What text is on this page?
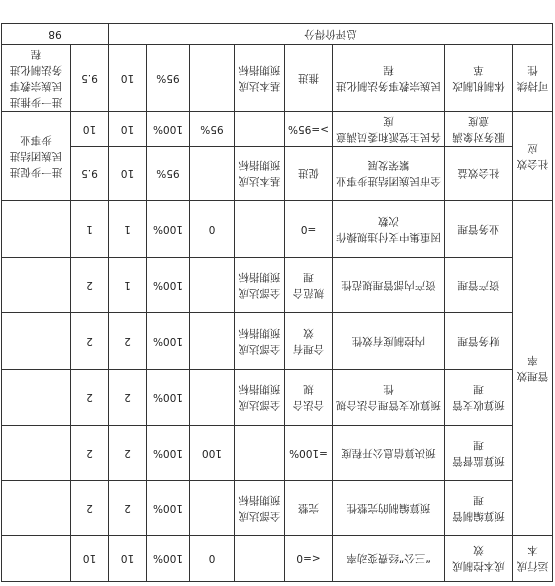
运行成本	成本控制成效	“三公”经费变动率	<=0		0	100%	10	10	
管理效率	预算编制管理	预算编制的完整性	完整	全部达成预期指标		100%	2	2	
	预算监督管理	预决算信息公开程度	=100%		100	100%	2	2	
	预算收支管理	预算收支管理合法合规性	合法合规	全部达成预期指标		100%	2	2	
	财务管理	内控制度有效性	合理有效	全部达成预期指标		100%	2	2	
	资产管理	资产内部管理规范性	规范合理	全部达成预期指标		100%	1	2	
	业务管理	因重集中支付违规操作次数	=0		0	100%	1	1	
社会效应	社会效益	全市民族团结进步事业繁荣发展	促进	基本达成预期指标		95%	10	9.5	进一步促进民族团结进步事业
	服务对象满意度	各民主党派和委员满意度	>=95%		95%	100%	10	10	
可持续性	体制机制改革	民族宗教事务法制化进程	推进	基本达成预期指标		95%	10	9.5	进一步推进民族宗教事务法制化进程
总评价得分								98	
